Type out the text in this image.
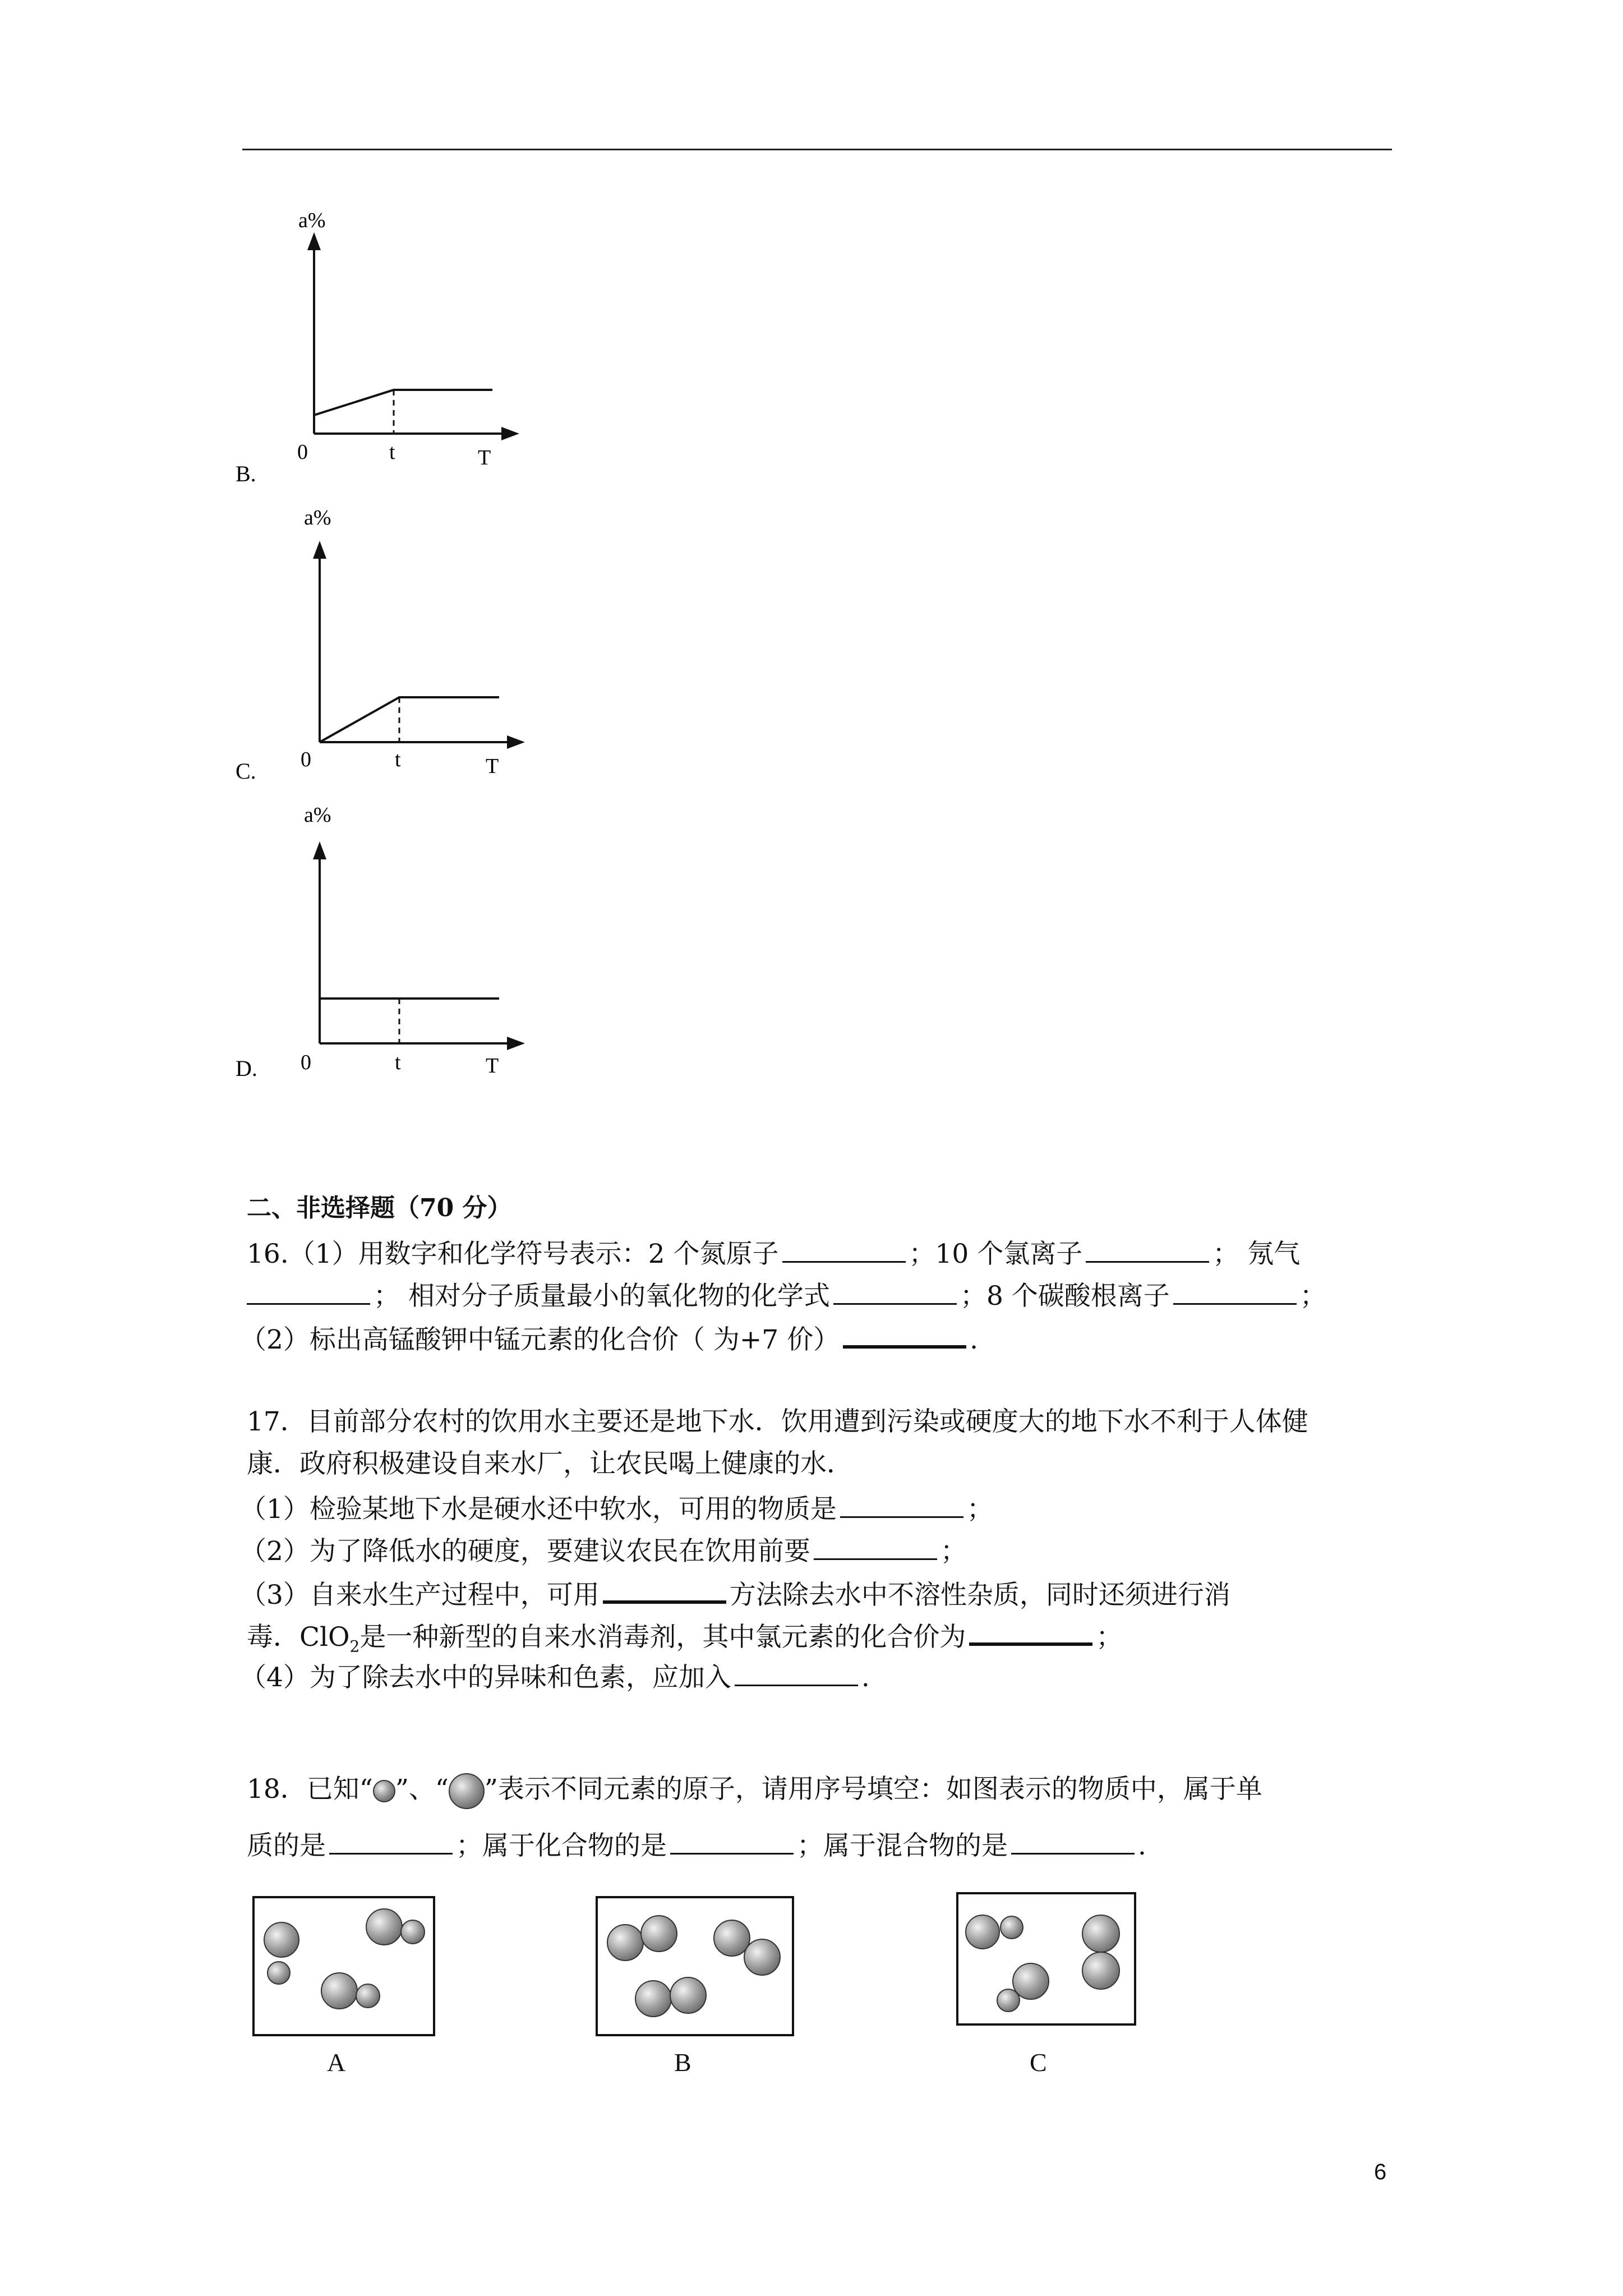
B.
a%
0	t	T
C.
a%
0	t	T
D.
a%
0	t	T
二、非选择题（70 分）
16.（1）用数字和化学符号表示：2 个氮原子	；10 个氯离子	； 氖气
； 相对分子质量最小的氧化物的化学式	；8 个碳酸根离子	；
（2）标出高锰酸钾中锰元素的化合价（ 为+7 价）	.
17．目前部分农村的饮用水主要还是地下水．饮用遭到污染或硬度大的地下水不利于人体健
康．政府积极建设自来水厂，让农民喝上健康的水．
（1）检验某地下水是硬水还中软水，可用的物质是	；
（2）为了降低水的硬度，要建议农民在饮用前要	；
（3）自来水生产过程中，可用	方法除去水中不溶性杂质，同时还须进行消
毒．ClO$_2$是一种新型的自来水消毒剂，其中氯元素的化合价为	；
（4）为了除去水中的异味和色素，应加入	.
18．已知“ ”、“ ”表示不同元素的原子，请用序号填空：如图表示的物质中，属于单
质的是	；属于化合物的是	；属于混合物的是	.
A	B	C
6
